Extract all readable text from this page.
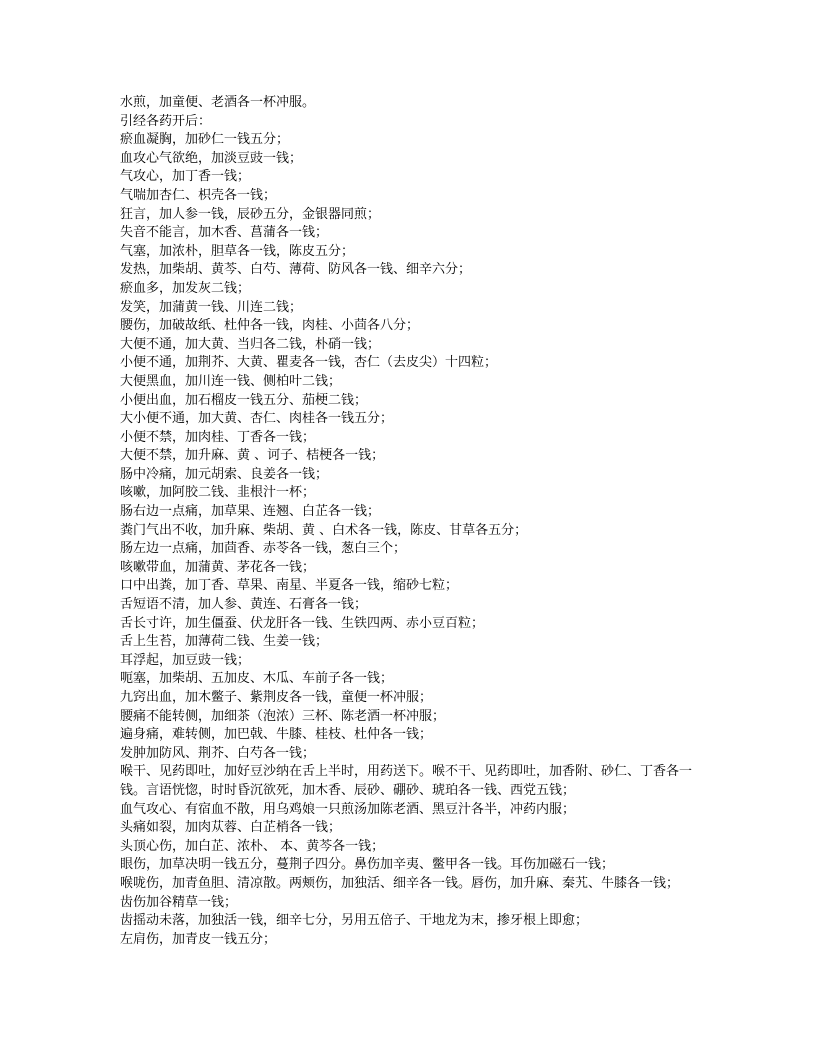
水煎，加童便、老酒各一杯冲服。
引经各药开后：
瘀血凝胸，加砂仁一钱五分；
血攻心气欲绝，加淡豆豉一钱；
气攻心，加丁香一钱；
气喘加杏仁、枳壳各一钱；
狂言，加人参一钱，辰砂五分，金银器同煎；
失音不能言，加木香、菖蒲各一钱；
气塞，加浓朴，胆草各一钱，陈皮五分；
发热，加柴胡、黄芩、白芍、薄荷、防风各一钱、细辛六分；
瘀血多，加发灰二钱；
发笑，加蒲黄一钱、川连二钱；
腰伤，加破故纸、杜仲各一钱，肉桂、小茴各八分；
大便不通，加大黄、当归各二钱，朴硝一钱；
小便不通，加荆芥、大黄、瞿麦各一钱，杏仁（去皮尖）十四粒；
大便黑血，加川连一钱、侧柏叶二钱；
小便出血，加石榴皮一钱五分、茄梗二钱；
大小便不通，加大黄、杏仁、肉桂各一钱五分；
小便不禁，加肉桂、丁香各一钱；
大便不禁，加升麻、黄 、诃子、桔梗各一钱；
肠中冷痛，加元胡索、良姜各一钱；
咳嗽，加阿胶二钱、韭根汁一杯；
肠右边一点痛，加草果、连翘、白芷各一钱；
粪门气出不收，加升麻、柴胡、黄 、白术各一钱，陈皮、甘草各五分；
肠左边一点痛，加茴香、赤苓各一钱，葱白三个；
咳嗽带血，加蒲黄、茅花各一钱；
口中出粪，加丁香、草果、南星、半夏各一钱，缩砂七粒；
舌短语不清，加人参、黄连、石膏各一钱；
舌长寸许，加生僵蚕、伏龙肝各一钱、生铁四两、赤小豆百粒；
舌上生苔，加薄荷二钱、生姜一钱；
耳浮起，加豆豉一钱；
呃塞，加柴胡、五加皮、木瓜、车前子各一钱；
九窍出血，加木鳖子、紫荆皮各一钱，童便一杯冲服；
腰痛不能转侧，加细茶（泡浓）三杯、陈老酒一杯冲服；
遍身痛，难转侧，加巴戟、牛膝、桂枝、杜仲各一钱；
发肿加防风、荆芥、白芍各一钱；
喉干、见药即吐，加好豆沙纳在舌上半时，用药送下。喉不干、见药即吐，加香附、砂仁、丁香各一钱。言语恍惚，时时昏沉欲死，加木香、辰砂、硼砂、琥珀各一钱、西党五钱；
血气攻心、有宿血不散，用乌鸡娘一只煎汤加陈老酒、黑豆汁各半，冲药内服；
头痛如裂，加肉苁蓉、白芷梢各一钱；
头顶心伤，加白芷、浓朴、 本、黄芩各一钱；
眼伤，加草决明一钱五分，蔓荆子四分。鼻伤加辛夷、鳖甲各一钱。耳伤加磁石一钱；
喉咙伤，加青鱼胆、清凉散。两颊伤，加独活、细辛各一钱。唇伤，加升麻、秦艽、牛膝各一钱；
齿伤加谷精草一钱；
齿摇动未落，加独活一钱，细辛七分，另用五倍子、干地龙为末，掺牙根上即愈；
左肩伤，加青皮一钱五分；
